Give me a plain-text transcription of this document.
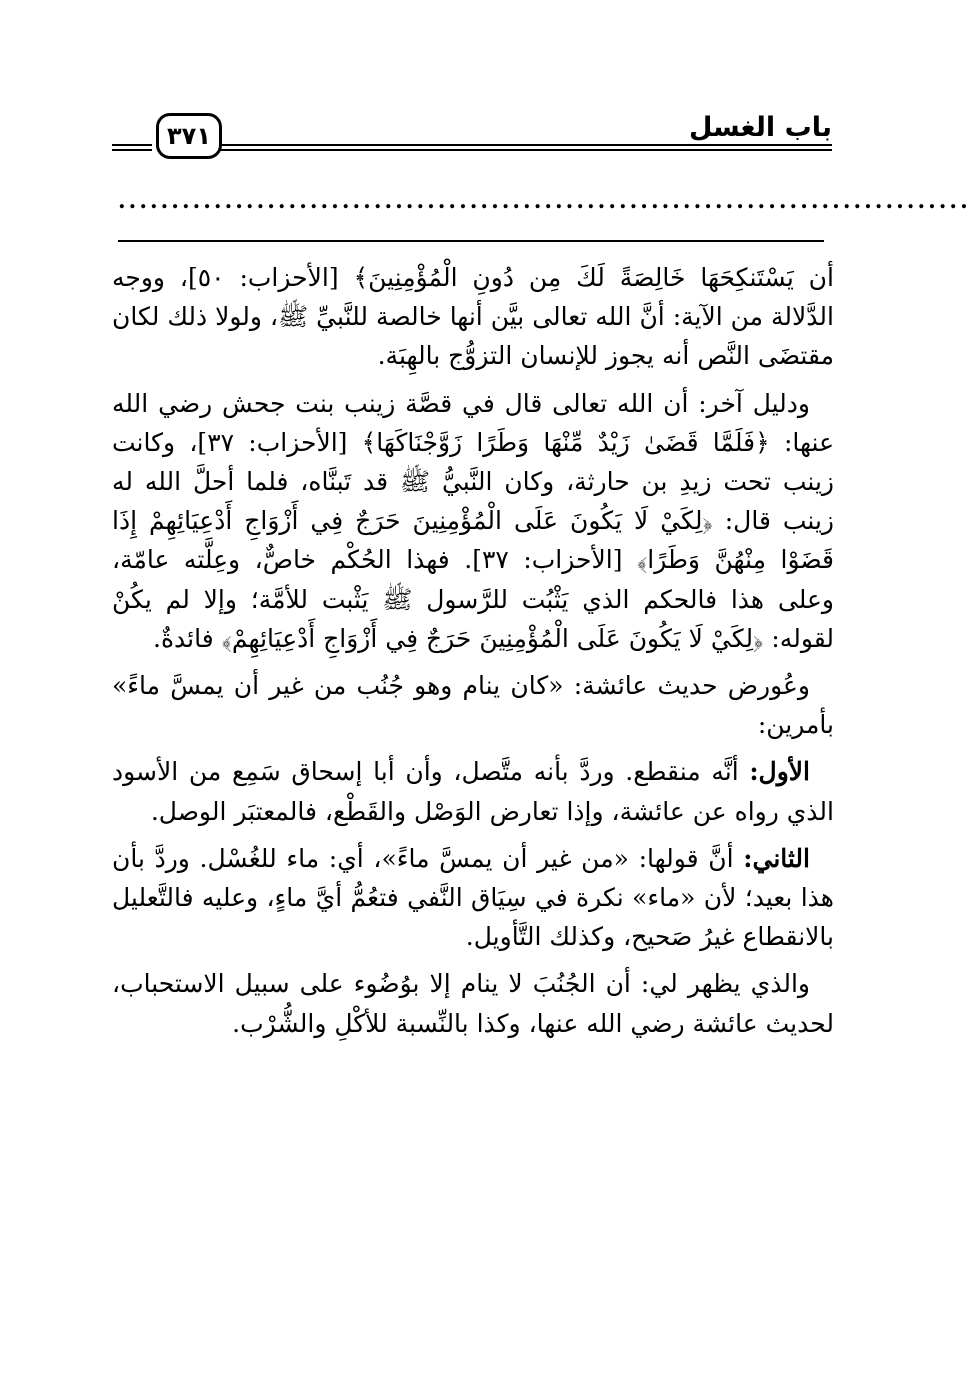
باب الغسل
٣٧١
................................................................................

أن يَسْتَنكِحَهَا خَالِصَةً لَكَ مِن دُونِ الْمُؤْمِنِينَ﴾ [الأحزاب: ٥٠]، ووجه الدَّلالة من الآية: أنَّ الله تعالى بيَّن أنها خالصة للنَّبيِّ ﷺ، ولولا ذلك لكان مقتضَى النَّص أنه يجوز للإنسان التزوُّج بالهِبَة.

ودليل آخر: أن الله تعالى قال في قصَّة زينب بنت جحش رضي الله عنها: ﴿فَلَمَّا قَضَىٰ زَيْدٌ مِّنْهَا وَطَرًا زَوَّجْنَاكَهَا﴾ [الأحزاب: ٣٧]، وكانت زينب تحت زيدِ بن حارثة، وكان النَّبيُّ ﷺ قد تَبنَّاه، فلما أحلَّ الله له زينب قال: ﴿لِكَيْ لَا يَكُونَ عَلَى الْمُؤْمِنِينَ حَرَجٌ فِي أَزْوَاجِ أَدْعِيَائِهِمْ إِذَا قَضَوْا مِنْهُنَّ وَطَرًا﴾ [الأحزاب: ٣٧]. فهذا الحُكْم خاصٌّ، وعِلَّته عامّة، وعلى هذا فالحكم الذي يَثْبُت للرَّسول ﷺ يَثْبت للأمَّة؛ وإلا لم يكُنْ لقوله: ﴿لِكَيْ لَا يَكُونَ عَلَى الْمُؤْمِنِينَ حَرَجٌ فِي أَزْوَاجِ أَدْعِيَائِهِمْ﴾ فائدةٌ.

وعُورض حديث عائشة: «كان ينام وهو جُنُب من غير أن يمسَّ ماءً» بأمرين:

الأول: أنَّه منقطع. وردَّ بأنه متَّصل، وأن أبا إسحاق سَمِع من الأسود الذي رواه عن عائشة، وإذا تعارض الوَصْل والقَطْع، فالمعتبَر الوصل.

الثاني: أنَّ قولها: «من غير أن يمسَّ ماءً»، أي: ماء للغُسْل. وردَّ بأن هذا بعيد؛ لأن «ماء» نكرة في سِيَاق النَّفي فتعُمُّ أيَّ ماءٍ، وعليه فالتَّعليل بالانقطاع غيرُ صَحيح، وكذلك التَّأويل.

والذي يظهر لي: أن الجُنُبَ لا ينام إلا بوُضُوء على سبيل الاستحباب، لحديث عائشة رضي الله عنها، وكذا بالنِّسبة للأكْلِ والشُّرْب.
